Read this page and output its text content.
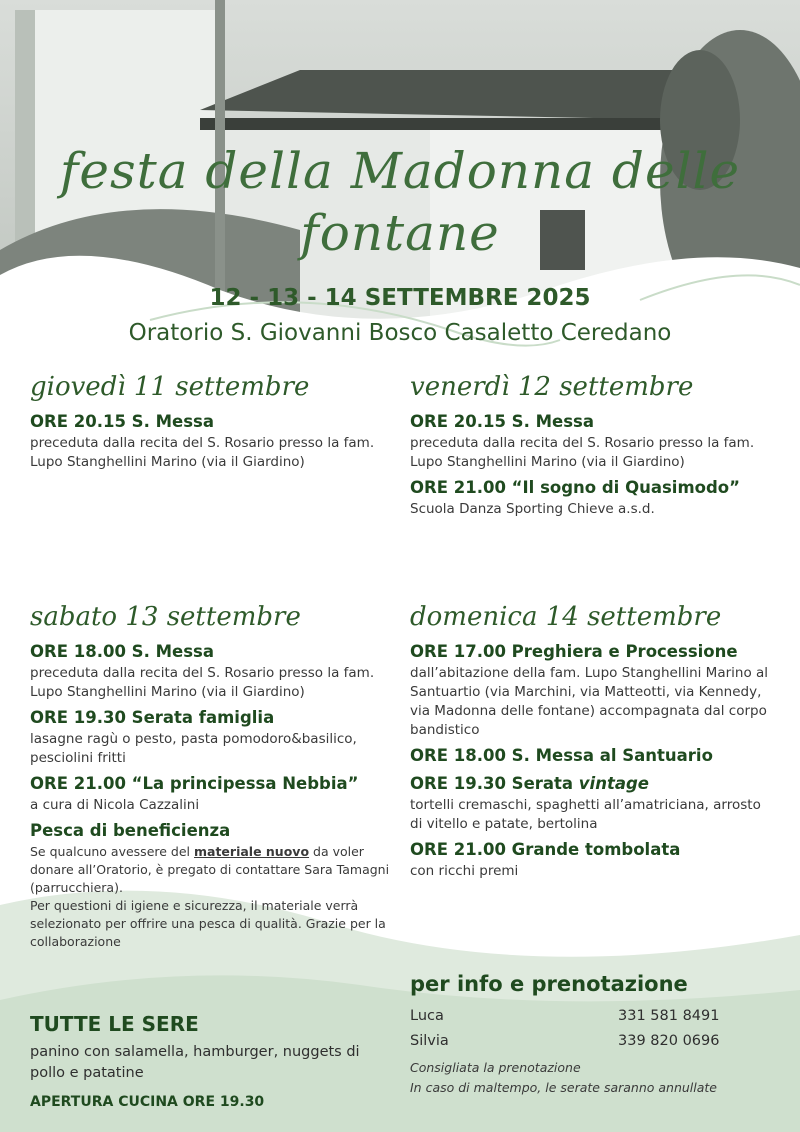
festa della Madonna delle
fontane
12 - 13 - 14 SETTEMBRE 2025
Oratorio S. Giovanni Bosco Casaletto Ceredano
giovedì 11 settembre
ORE 20.15 S. Messa
preceduta dalla recita del S. Rosario presso la fam. Lupo Stanghellini Marino (via il Giardino)
venerdì 12 settembre
ORE 20.15 S. Messa
preceduta dalla recita del S. Rosario presso la fam. Lupo Stanghellini Marino (via il Giardino)
ORE 21.00 “Il sogno di Quasimodo”
Scuola Danza Sporting Chieve a.s.d.
sabato 13 settembre
ORE 18.00 S. Messa
preceduta dalla recita del S. Rosario presso la fam. Lupo Stanghellini Marino (via il Giardino)
ORE 19.30 Serata famiglia
lasagne ragù o pesto, pasta pomodoro&basilico, pesciolini fritti
ORE 21.00 “La principessa Nebbia”
a cura di Nicola Cazzalini
Pesca di beneficienza
Se qualcuno avessere del materiale nuovo da voler donare all’Oratorio, è pregato di contattare Sara Tamagni (parrucchiera).
Per questioni di igiene e sicurezza, il materiale verrà selezionato per offrire una pesca di qualità. Grazie per la collaborazione
domenica 14 settembre
ORE 17.00 Preghiera e Processione
dall’abitazione della fam. Lupo Stanghellini Marino al Santuartio (via Marchini, via Matteotti, via Kennedy, via Madonna delle fontane) accompagnata dal corpo bandistico
ORE 18.00 S. Messa al Santuario
ORE 19.30 Serata vintage
tortelli cremaschi, spaghetti all’amatriciana, arrosto di vitello e patate, bertolina
ORE 21.00 Grande tombolata
con ricchi premi
TUTTE LE SERE
panino con salamella, hamburger, nuggets di pollo e patatine
APERTURA CUCINA ORE 19.30
per info e prenotazione
Luca	331 581 8491
Silvia	339 820 0696
Consigliata la prenotazione
In caso di maltempo, le serate saranno annullate
